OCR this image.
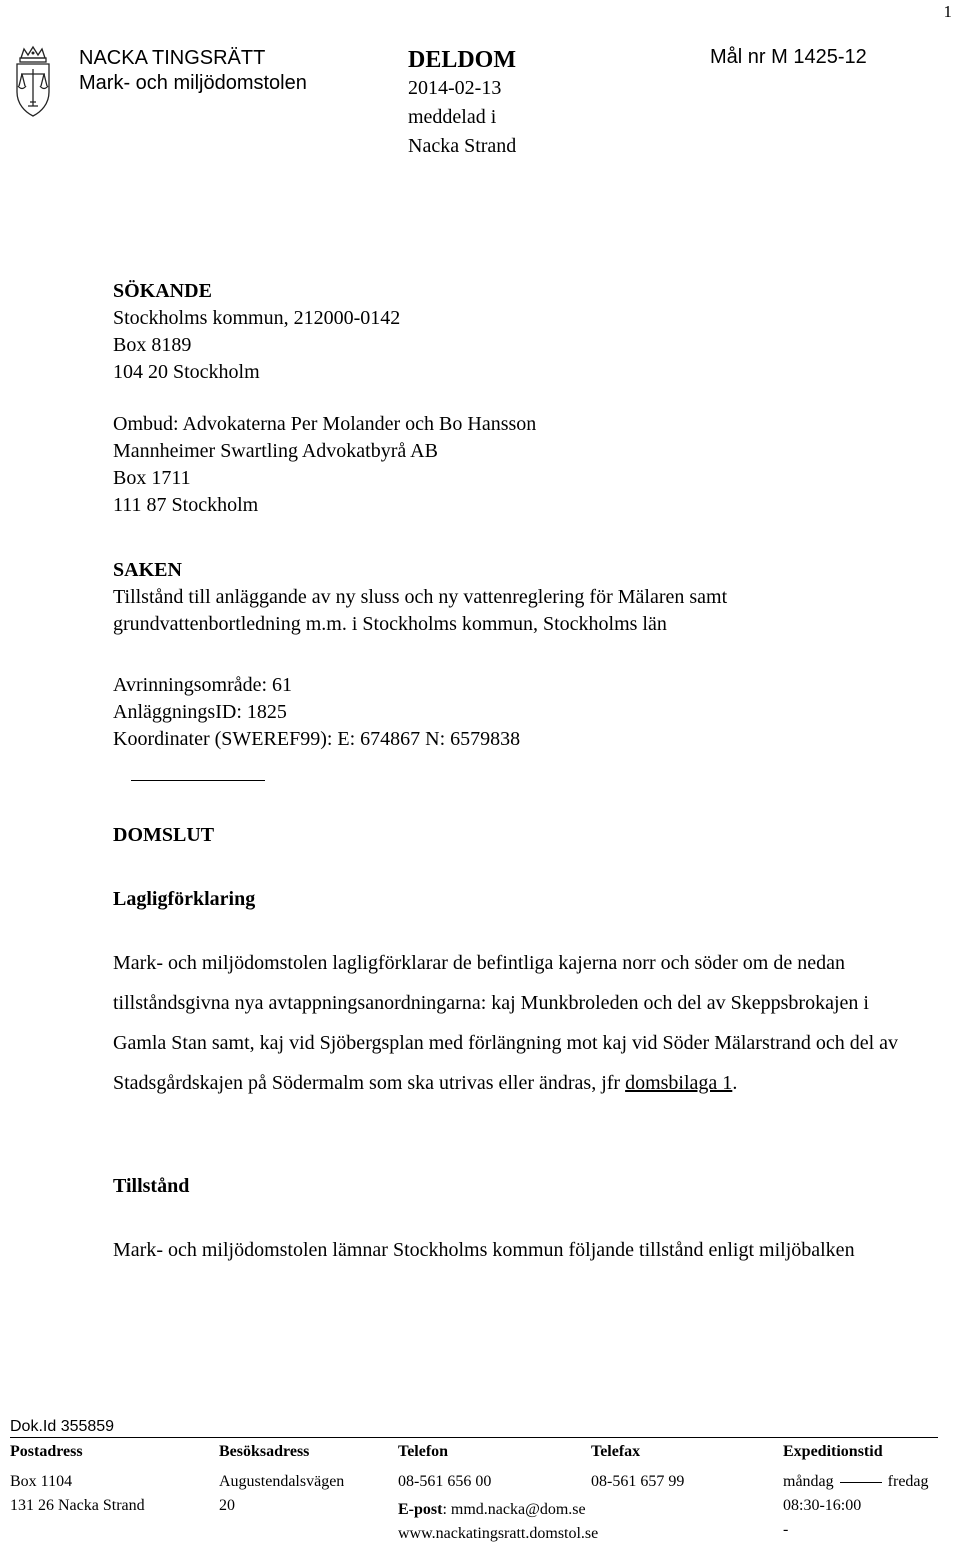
1
NACKA TINGSRÄTT
Mark- och miljödomstolen
DELDOM
2014-02-13
meddelad i
Nacka Strand
Mål nr M 1425-12
SÖKANDE
Stockholms kommun, 212000-0142
Box 8189
104 20 Stockholm
Ombud: Advokaterna Per Molander och Bo Hansson
Mannheimer Swartling Advokatbyrå AB
Box 1711
111 87 Stockholm
SAKEN
Tillstånd till anläggande av ny sluss och ny vattenreglering för Mälaren samt
grundvattenbortledning m.m. i Stockholms kommun, Stockholms län
Avrinningsområde: 61
AnläggningsID: 1825
Koordinater (SWEREF99): E: 674867 N: 6579838
DOMSLUT
Lagligförklaring
Mark- och miljödomstolen lagligförklarar de befintliga kajerna norr och söder om de nedan tillståndsgivna nya avtappningsanordningarna: kaj Munkbroleden och del av Skeppsbrokajen i Gamla Stan samt, kaj vid Sjöbergsplan med förlängning mot kaj vid Söder Mälarstrand och del av Stadsgårdskajen på Södermalm som ska utrivas eller ändras, jfr domsbilaga 1.
Tillstånd
Mark- och miljödomstolen lämnar Stockholms kommun följande tillstånd enligt miljöbalken
Dok.Id 355859
Postadress
Box 1104
131 26 Nacka Strand
Besöksadress
Augustendalsvägen
20
Telefon
08-561 656 00
E-post: mmd.nacka@dom.se
www.nackatingsratt.domstol.se
Telefax
08-561 657 99
Expeditionstid
måndag	fredag
08:30-16:00
-
